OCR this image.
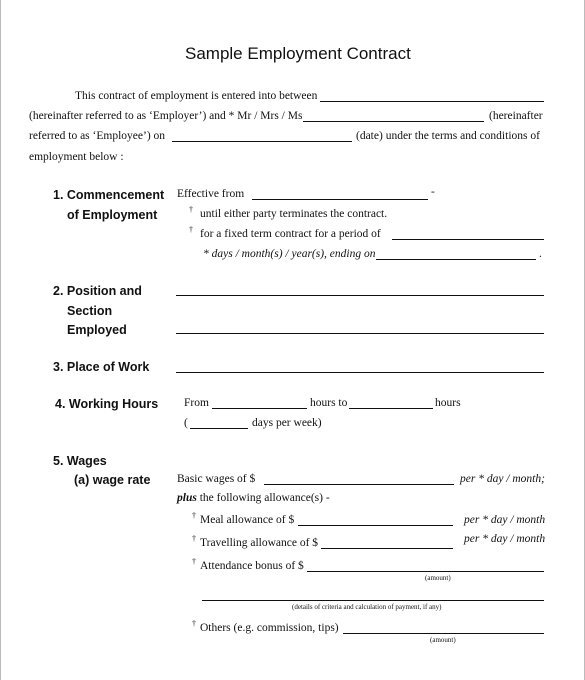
Sample Employment Contract
This contract of employment is entered into between
(hereinafter referred to as ‘Employer’) and * Mr / Mrs / Ms	(hereinafter
referred to as ‘Employee’) on	(date) under the terms and conditions of
employment below :
1. Commencement
of Employment
Effective from	-
† until either party terminates the contract.
† for a fixed term contract for a period of
* days / month(s) / year(s), ending on	.
2. Position and
Section
Employed
3. Place of Work
4. Working Hours From	hours to	hours
(	days per week)
5. Wages
(a) wage rate Basic wages of $	per * day / month;
plus the following allowance(s) -
† Meal allowance of $	per * day / month
† Travelling allowance of $	per * day / month
† Attendance bonus of $
(amount)
(details of criteria and calculation of payment, if any)
† Others (e.g. commission, tips)
(amount)
